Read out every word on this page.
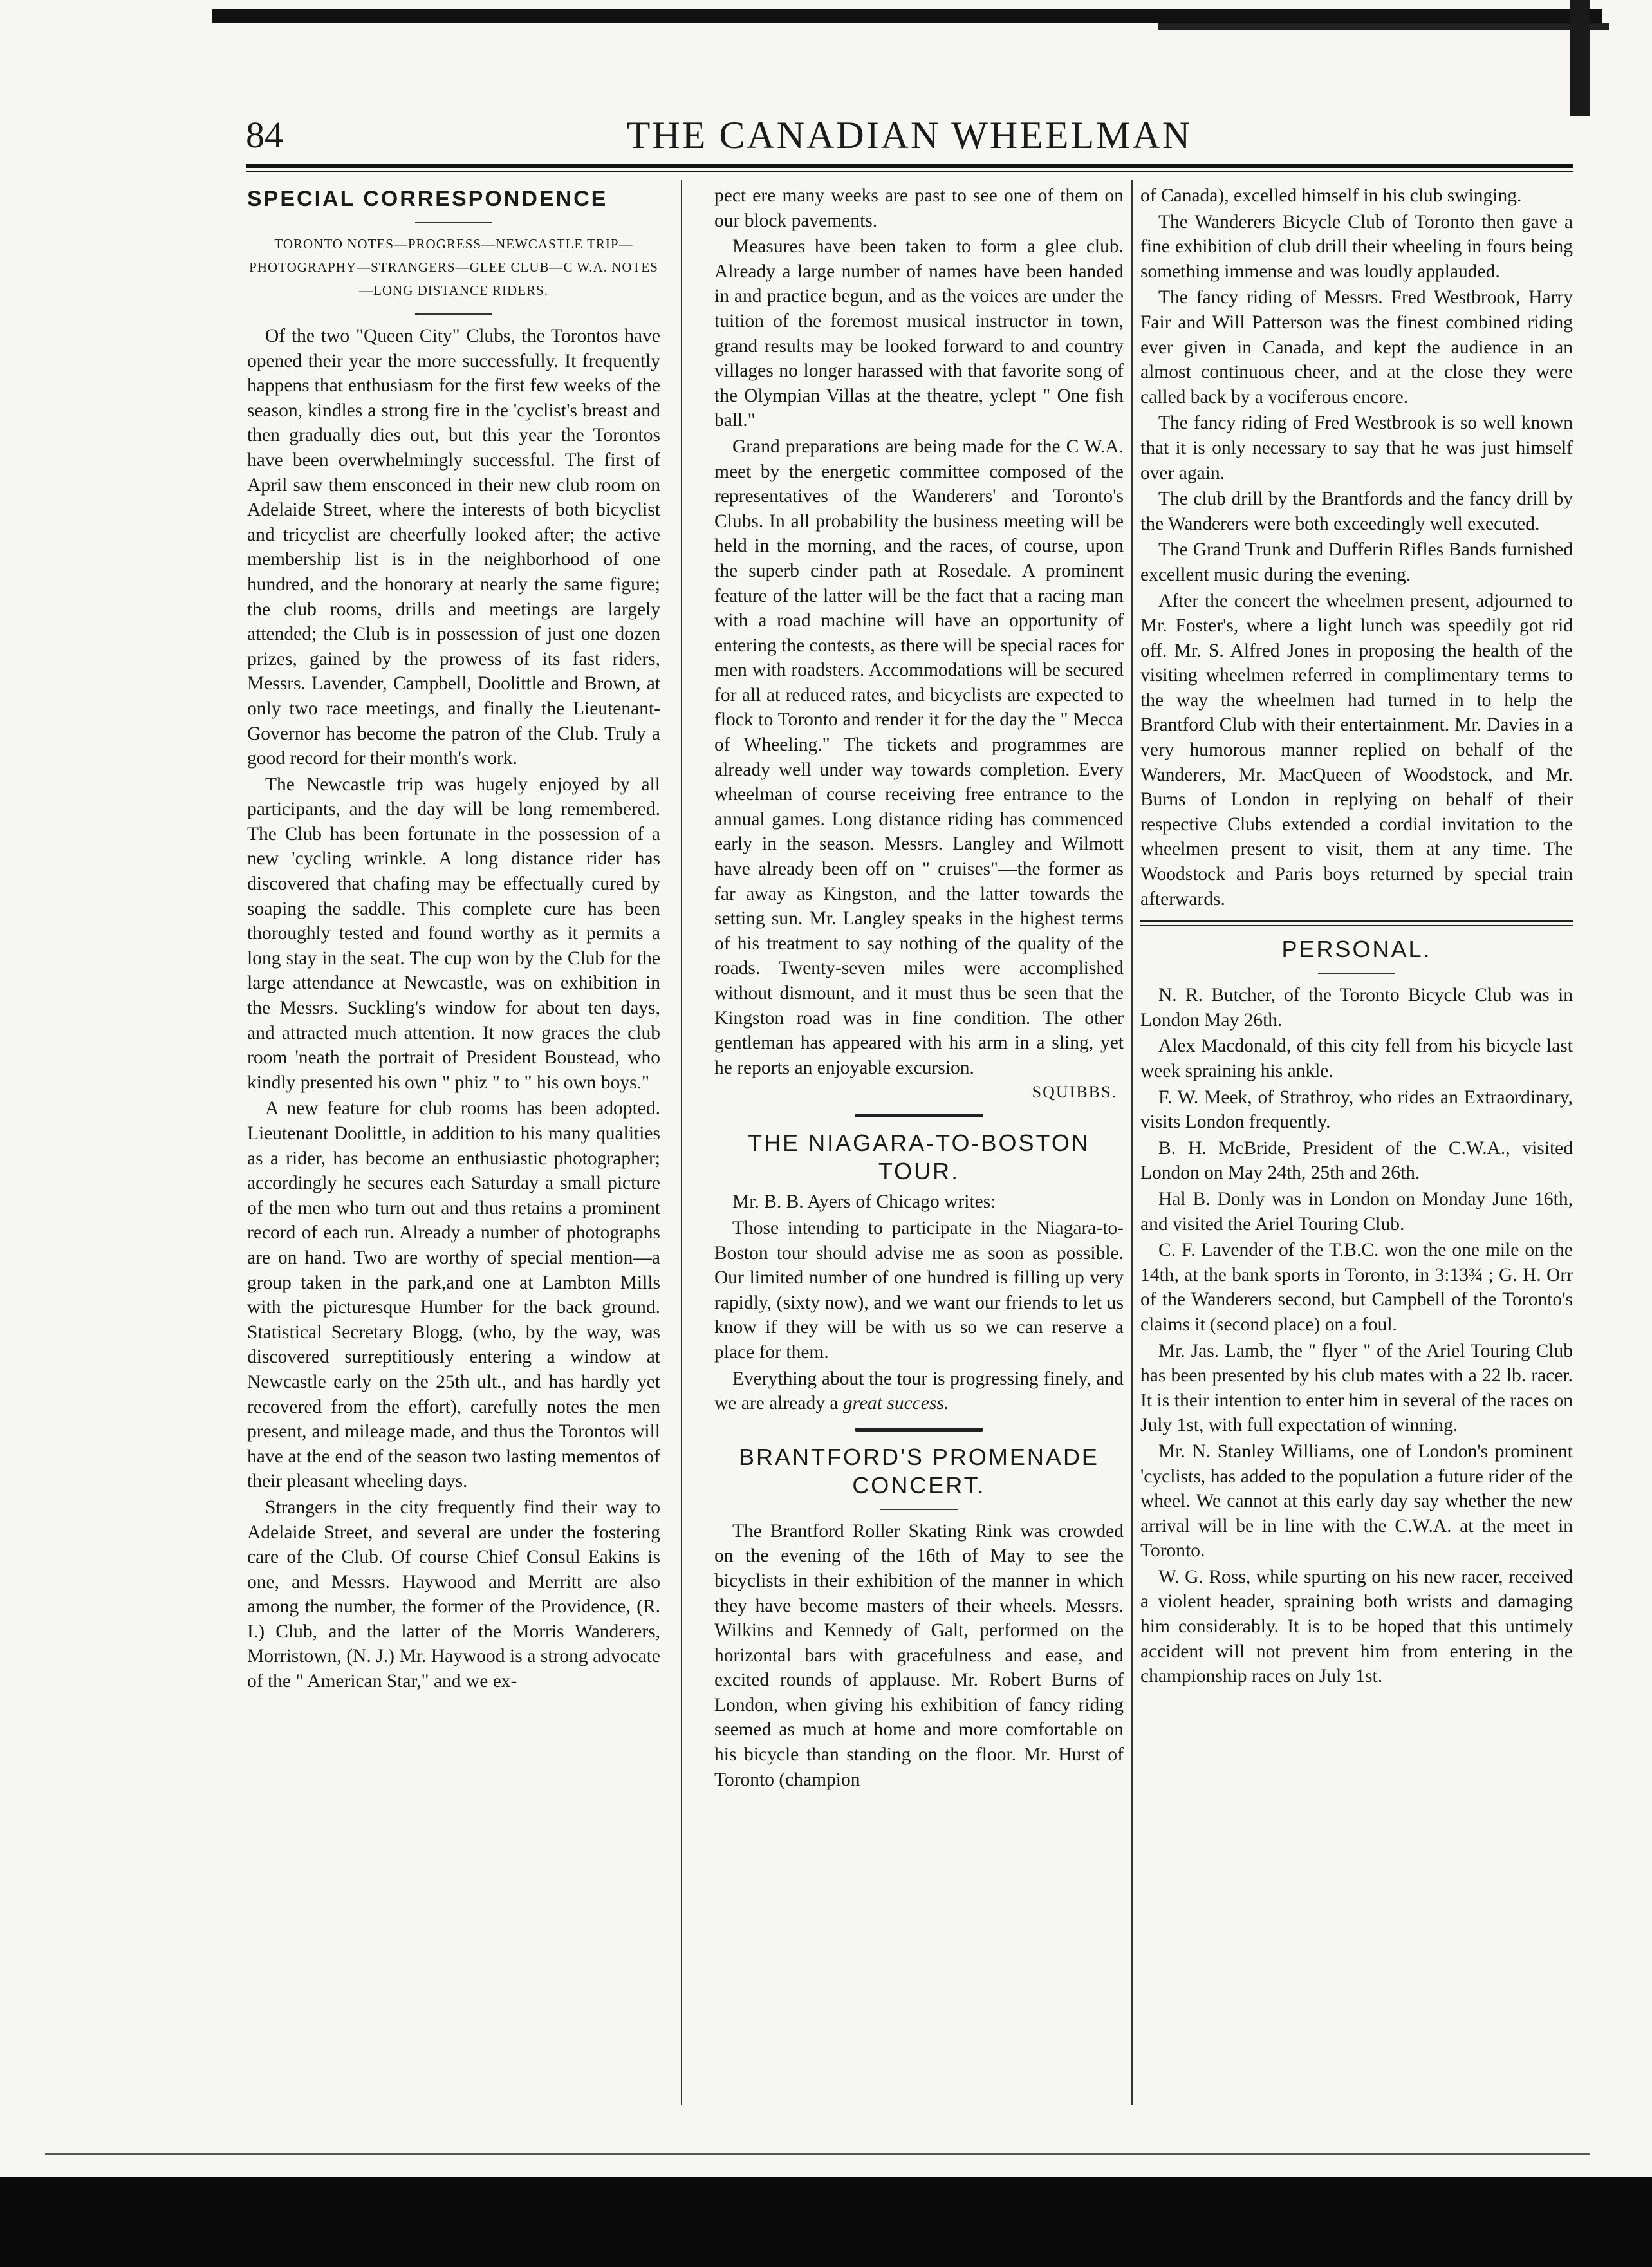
84	THE CANADIAN WHEELMAN
SPECIAL CORRESPONDENCE
TORONTO NOTES—PROGRESS—NEWCASTLE TRIP—PHOTOGRAPHY—STRANGERS—GLEE CLUB—C W.A. NOTES—LONG DISTANCE RIDERS.

Of the two "Queen City" Clubs, the Torontos have opened their year the more successfully. It frequently happens that enthusiasm for the first few weeks of the season, kindles a strong fire in the 'cyclist's breast and then gradually dies out, but this year the Torontos have been overwhelmingly successful. The first of April saw them ensconced in their new club room on Adelaide Street, where the interests of both bicyclist and tricyclist are cheerfully looked after; the active membership list is in the neighborhood of one hundred, and the honorary at nearly the same figure; the club rooms, drills and meetings are largely attended; the Club is in possession of just one dozen prizes, gained by the prowess of its fast riders, Messrs. Lavender, Campbell, Doolittle and Brown, at only two race meetings, and finally the Lieutenant-Governor has become the patron of the Club. Truly a good record for their month's work.

The Newcastle trip was hugely enjoyed by all participants, and the day will be long remembered. The Club has been fortunate in the possession of a new 'cycling wrinkle. A long distance rider has discovered that chafing may be effectually cured by soaping the saddle. This complete cure has been thoroughly tested and found worthy as it permits a long stay in the seat. The cup won by the Club for the large attendance at Newcastle, was on exhibition in the Messrs. Suckling's window for about ten days, and attracted much attention. It now graces the club room 'neath the portrait of President Boustead, who kindly presented his own " phiz " to " his own boys."

A new feature for club rooms has been adopted. Lieutenant Doolittle, in addition to his many qualities as a rider, has become an enthusiastic photographer; accordingly he secures each Saturday a small picture of the men who turn out and thus retains a prominent record of each run. Already a number of photographs are on hand. Two are worthy of special mention—a group taken in the park,and one at Lambton Mills with the picturesque Humber for the back ground. Statistical Secretary Blogg, (who, by the way, was discovered surreptitiously entering a window at Newcastle early on the 25th ult., and has hardly yet recovered from the effort), carefully notes the men present, and mileage made, and thus the Torontos will have at the end of the season two lasting mementos of their pleasant wheeling days.

Strangers in the city frequently find their way to Adelaide Street, and several are under the fostering care of the Club. Of course Chief Consul Eakins is one, and Messrs. Haywood and Merritt are also among the number, the former of the Providence, (R. I.) Club, and the latter of the Morris Wanderers, Morristown, (N. J.) Mr. Haywood is a strong advocate of the " American Star," and we ex-

pect ere many weeks are past to see one of them on our block pavements.

Measures have been taken to form a glee club. Already a large number of names have been handed in and practice begun, and as the voices are under the tuition of the foremost musical instructor in town, grand results may be looked forward to and country villages no longer harassed with that favorite song of the Olympian Villas at the theatre, yclept " One fish ball."

Grand preparations are being made for the C W.A. meet by the energetic committee composed of the representatives of the Wanderers' and Toronto's Clubs. In all probability the business meeting will be held in the morning, and the races, of course, upon the superb cinder path at Rosedale. A prominent feature of the latter will be the fact that a racing man with a road machine will have an opportunity of entering the contests, as there will be special races for men with roadsters. Accommodations will be secured for all at reduced rates, and bicyclists are expected to flock to Toronto and render it for the day the " Mecca of Wheeling." The tickets and programmes are already well under way towards completion. Every wheelman of course receiving free entrance to the annual games. Long distance riding has commenced early in the season. Messrs. Langley and Wilmott have already been off on " cruises"—the former as far away as Kingston, and the latter towards the setting sun. Mr. Langley speaks in the highest terms of his treatment to say nothing of the quality of the roads. Twenty-seven miles were accomplished without dismount, and it must thus be seen that the Kingston road was in fine condition. The other gentleman has appeared with his arm in a sling, yet he reports an enjoyable excursion.

SQUIBBS.
THE NIAGARA-TO-BOSTON TOUR.

Mr. B. B. Ayers of Chicago writes:

Those intending to participate in the Niagara-to-Boston tour should advise me as soon as possible. Our limited number of one hundred is filling up very rapidly, (sixty now), and we want our friends to let us know if they will be with us so we can reserve a place for them.

Everything about the tour is progressing finely, and we are already a great success.

BRANTFORD'S PROMENADE CONCERT.

The Brantford Roller Skating Rink was crowded on the evening of the 16th of May to see the bicyclists in their exhibition of the manner in which they have become masters of their wheels. Messrs. Wilkins and Kennedy of Galt, performed on the horizontal bars with gracefulness and ease, and excited rounds of applause. Mr. Robert Burns of London, when giving his exhibition of fancy riding seemed as much at home and more comfortable on his bicycle than standing on the floor. Mr. Hurst of Toronto (champion

of Canada), excelled himself in his club swinging.

The Wanderers Bicycle Club of Toronto then gave a fine exhibition of club drill their wheeling in fours being something immense and was loudly applauded.

The fancy riding of Messrs. Fred Westbrook, Harry Fair and Will Patterson was the finest combined riding ever given in Canada, and kept the audience in an almost continuous cheer, and at the close they were called back by a vociferous encore.

The fancy riding of Fred Westbrook is so well known that it is only necessary to say that he was just himself over again.

The club drill by the Brantfords and the fancy drill by the Wanderers were both exceedingly well executed.

The Grand Trunk and Dufferin Rifles Bands furnished excellent music during the evening.

After the concert the wheelmen present, adjourned to Mr. Foster's, where a light lunch was speedily got rid off. Mr. S. Alfred Jones in proposing the health of the visiting wheelmen referred in complimentary terms to the way the wheelmen had turned in to help the Brantford Club with their entertainment. Mr. Davies in a very humorous manner replied on behalf of the Wanderers, Mr. MacQueen of Woodstock, and Mr. Burns of London in replying on behalf of their respective Clubs extended a cordial invitation to the wheelmen present to visit, them at any time. The Woodstock and Paris boys returned by special train afterwards.

PERSONAL.

N. R. Butcher, of the Toronto Bicycle Club was in London May 26th.

Alex Macdonald, of this city fell from his bicycle last week spraining his ankle.

F. W. Meek, of Strathroy, who rides an Extraordinary, visits London frequently.

B. H. McBride, President of the C.W.A., visited London on May 24th, 25th and 26th.

Hal B. Donly was in London on Monday June 16th, and visited the Ariel Touring Club.

C. F. Lavender of the T.B.C. won the one mile on the 14th, at the bank sports in Toronto, in 3:13¾ ; G. H. Orr of the Wanderers second, but Campbell of the Toronto's claims it (second place) on a foul.

Mr. Jas. Lamb, the " flyer " of the Ariel Touring Club has been presented by his club mates with a 22 lb. racer. It is their intention to enter him in several of the races on July 1st, with full expectation of winning.

Mr. N. Stanley Williams, one of London's prominent 'cyclists, has added to the population a future rider of the wheel. We cannot at this early day say whether the new arrival will be in line with the C.W.A. at the meet in Toronto.

W. G. Ross, while spurting on his new racer, received a violent header, spraining both wrists and damaging him considerably. It is to be hoped that this untimely accident will not prevent him from entering in the championship races on July 1st.
